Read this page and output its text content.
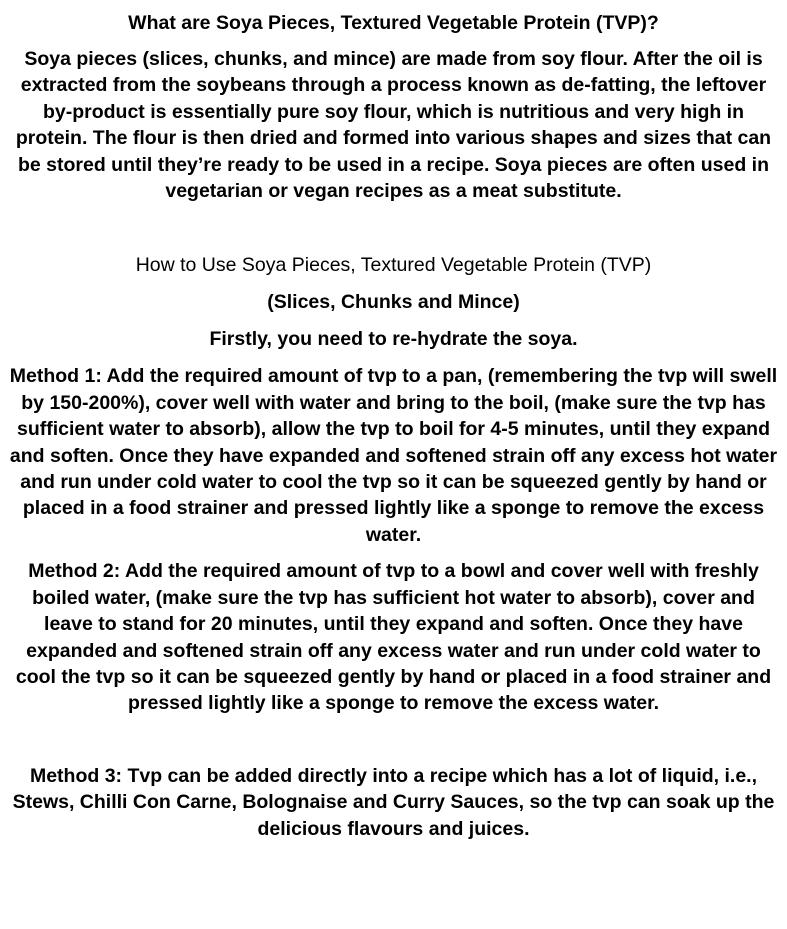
What are Soya Pieces, Textured Vegetable Protein (TVP)?

Soya pieces (slices, chunks, and mince) are made from soy flour. After the oil is extracted from the soybeans through a process known as de-fatting, the leftover by-product is essentially pure soy flour, which is nutritious and very high in protein. The flour is then dried and formed into various shapes and sizes that can be stored until they’re ready to be used in a recipe. Soya pieces are often used in vegetarian or vegan recipes as a meat substitute.

How to Use Soya Pieces, Textured Vegetable Protein (TVP)

(Slices, Chunks and Mince)

Firstly, you need to re-hydrate the soya.

Method 1: Add the required amount of tvp to a pan, (remembering the tvp will swell by 150-200%), cover well with water and bring to the boil, (make sure the tvp has sufficient water to absorb), allow the tvp to boil for 4-5 minutes, until they expand and soften. Once they have expanded and softened strain off any excess hot water and run under cold water to cool the tvp so it can be squeezed gently by hand or placed in a food strainer and pressed lightly like a sponge to remove the excess water.

Method 2: Add the required amount of tvp to a bowl and cover well with freshly boiled water, (make sure the tvp has sufficient hot water to absorb), cover and leave to stand for 20 minutes, until they expand and soften. Once they have expanded and softened strain off any excess water and run under cold water to cool the tvp so it can be squeezed gently by hand or placed in a food strainer and pressed lightly like a sponge to remove the excess water.

Method 3: Tvp can be added directly into a recipe which has a lot of liquid, i.e., Stews, Chilli Con Carne, Bolognaise and Curry Sauces, so the tvp can soak up the delicious flavours and juices.
